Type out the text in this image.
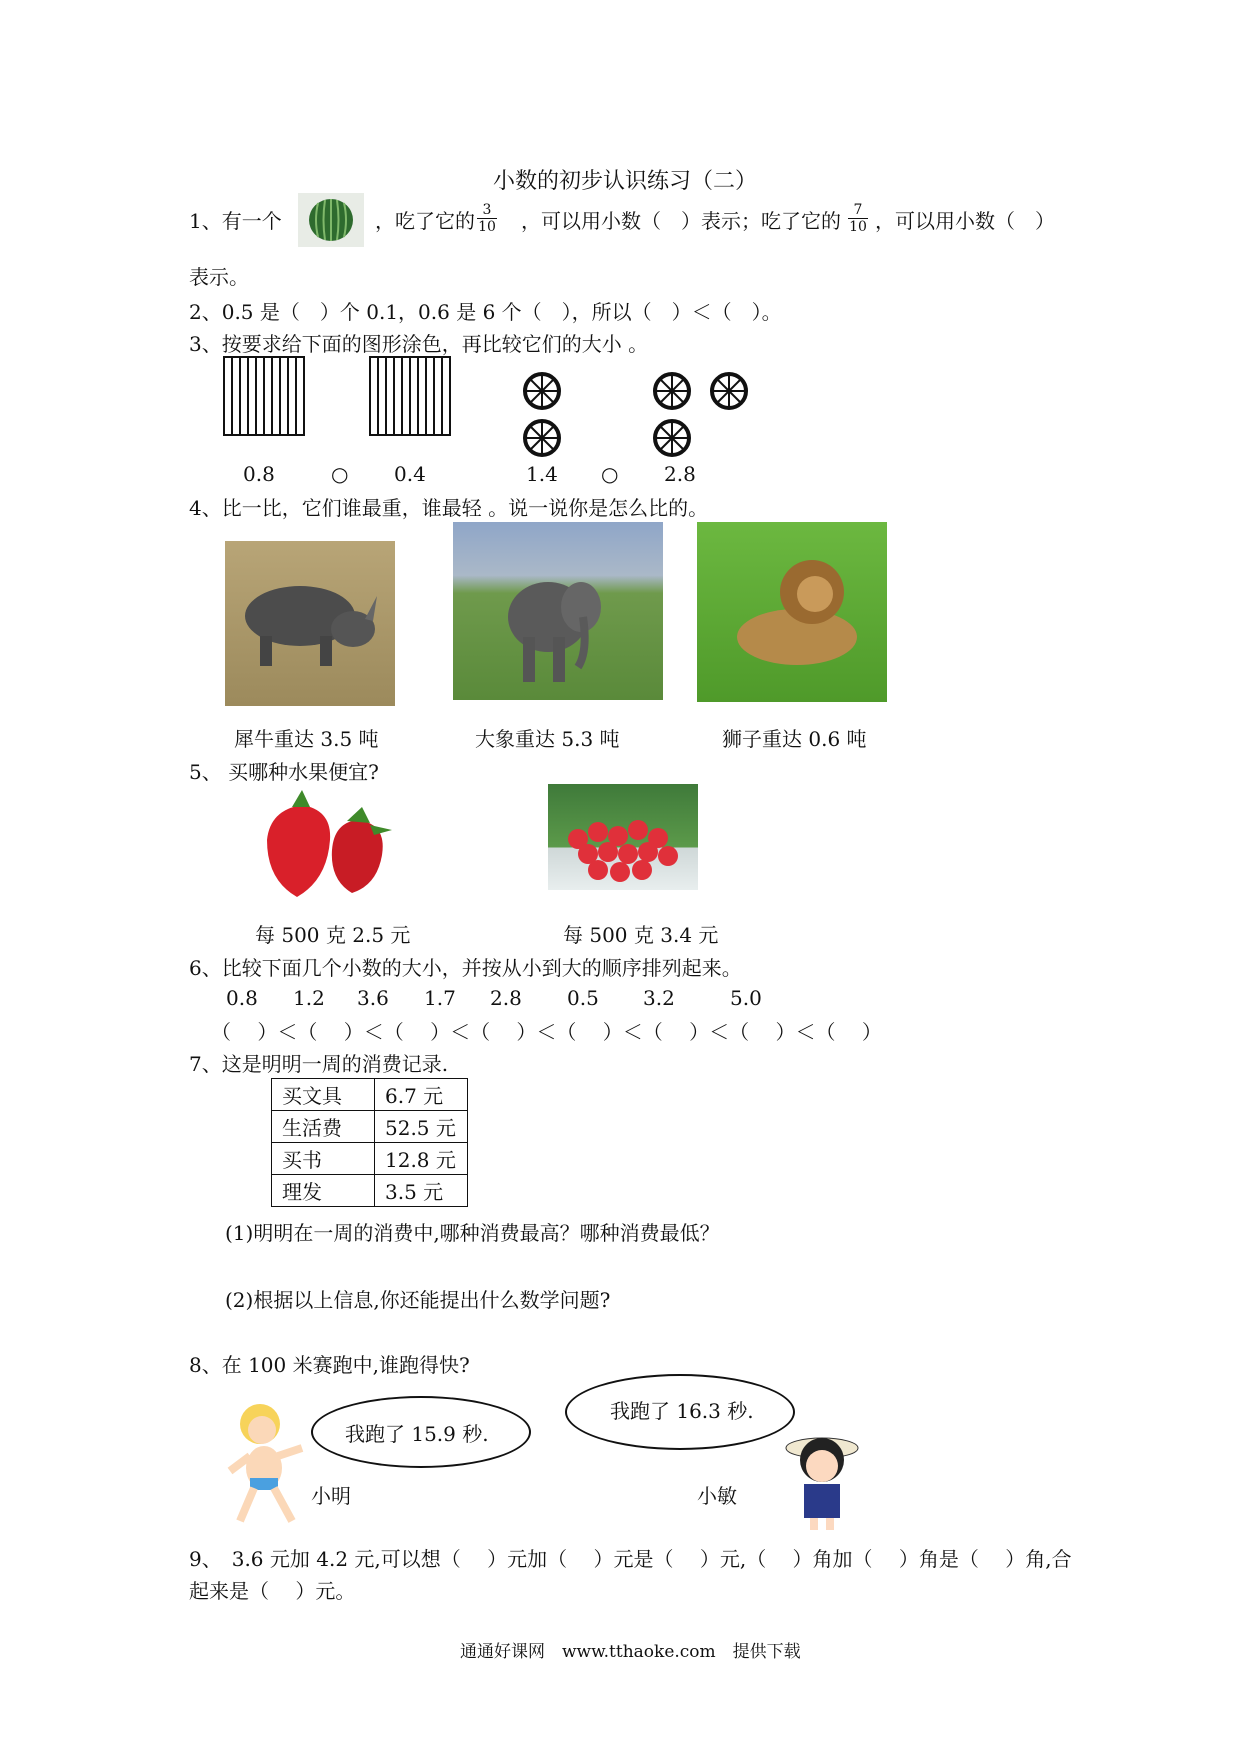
小数的初步认识练习（二）
1、有一个	，吃了它的 $\frac{3}{10}$ ，可以用小数（　）表示；吃了它的 $\frac{7}{10}$ ，可以用小数（　）
表示。
2、0.5 是（　）个 0.1，0.6 是 6 个（　），所以（　）＜（　）。
3、按要求给下面的图形涂色，再比较它们的大小 。
0.8	○ 0.4	1.4 ○ 2.8
4、比一比，它们谁最重，谁最轻 。说一说你是怎么比的。
犀牛重达 3.5 吨	大象重达 5.3 吨	狮子重达 0.6 吨
5、 买哪种水果便宜?
每 500 克 2.5 元	每 500 克 3.4 元
6、比较下面几个小数的大小，并按从小到大的顺序排列起来。
0.8 1.2 3.6 1.7 2.8 0.5 3.2	5.0
（　 ）＜（　 ）＜（　 ）＜（　 ）＜（　 ）＜（　 ）＜（　 ）＜（　 ）
7、这是明明一周的消费记录.
买文具	6.7 元
生活费	52.5 元
买书	12.8 元
理发	3.5 元
(1)明明在一周的消费中,哪种消费最高？哪种消费最低？
(2)根据以上信息,你还能提出什么数学问题?
8、在 100 米赛跑中,谁跑得快?
我跑了 15.9 秒.
我跑了 16.3 秒.
小明	小敏
9、　3.6 元加 4.2 元,可以想（　 ）元加（　 ）元是（　 ）元,（　 ）角加（　 ）角是（　 ）角,合
起来是（　 ）元。
通通好课网　www.tthaoke.com　提供下载
